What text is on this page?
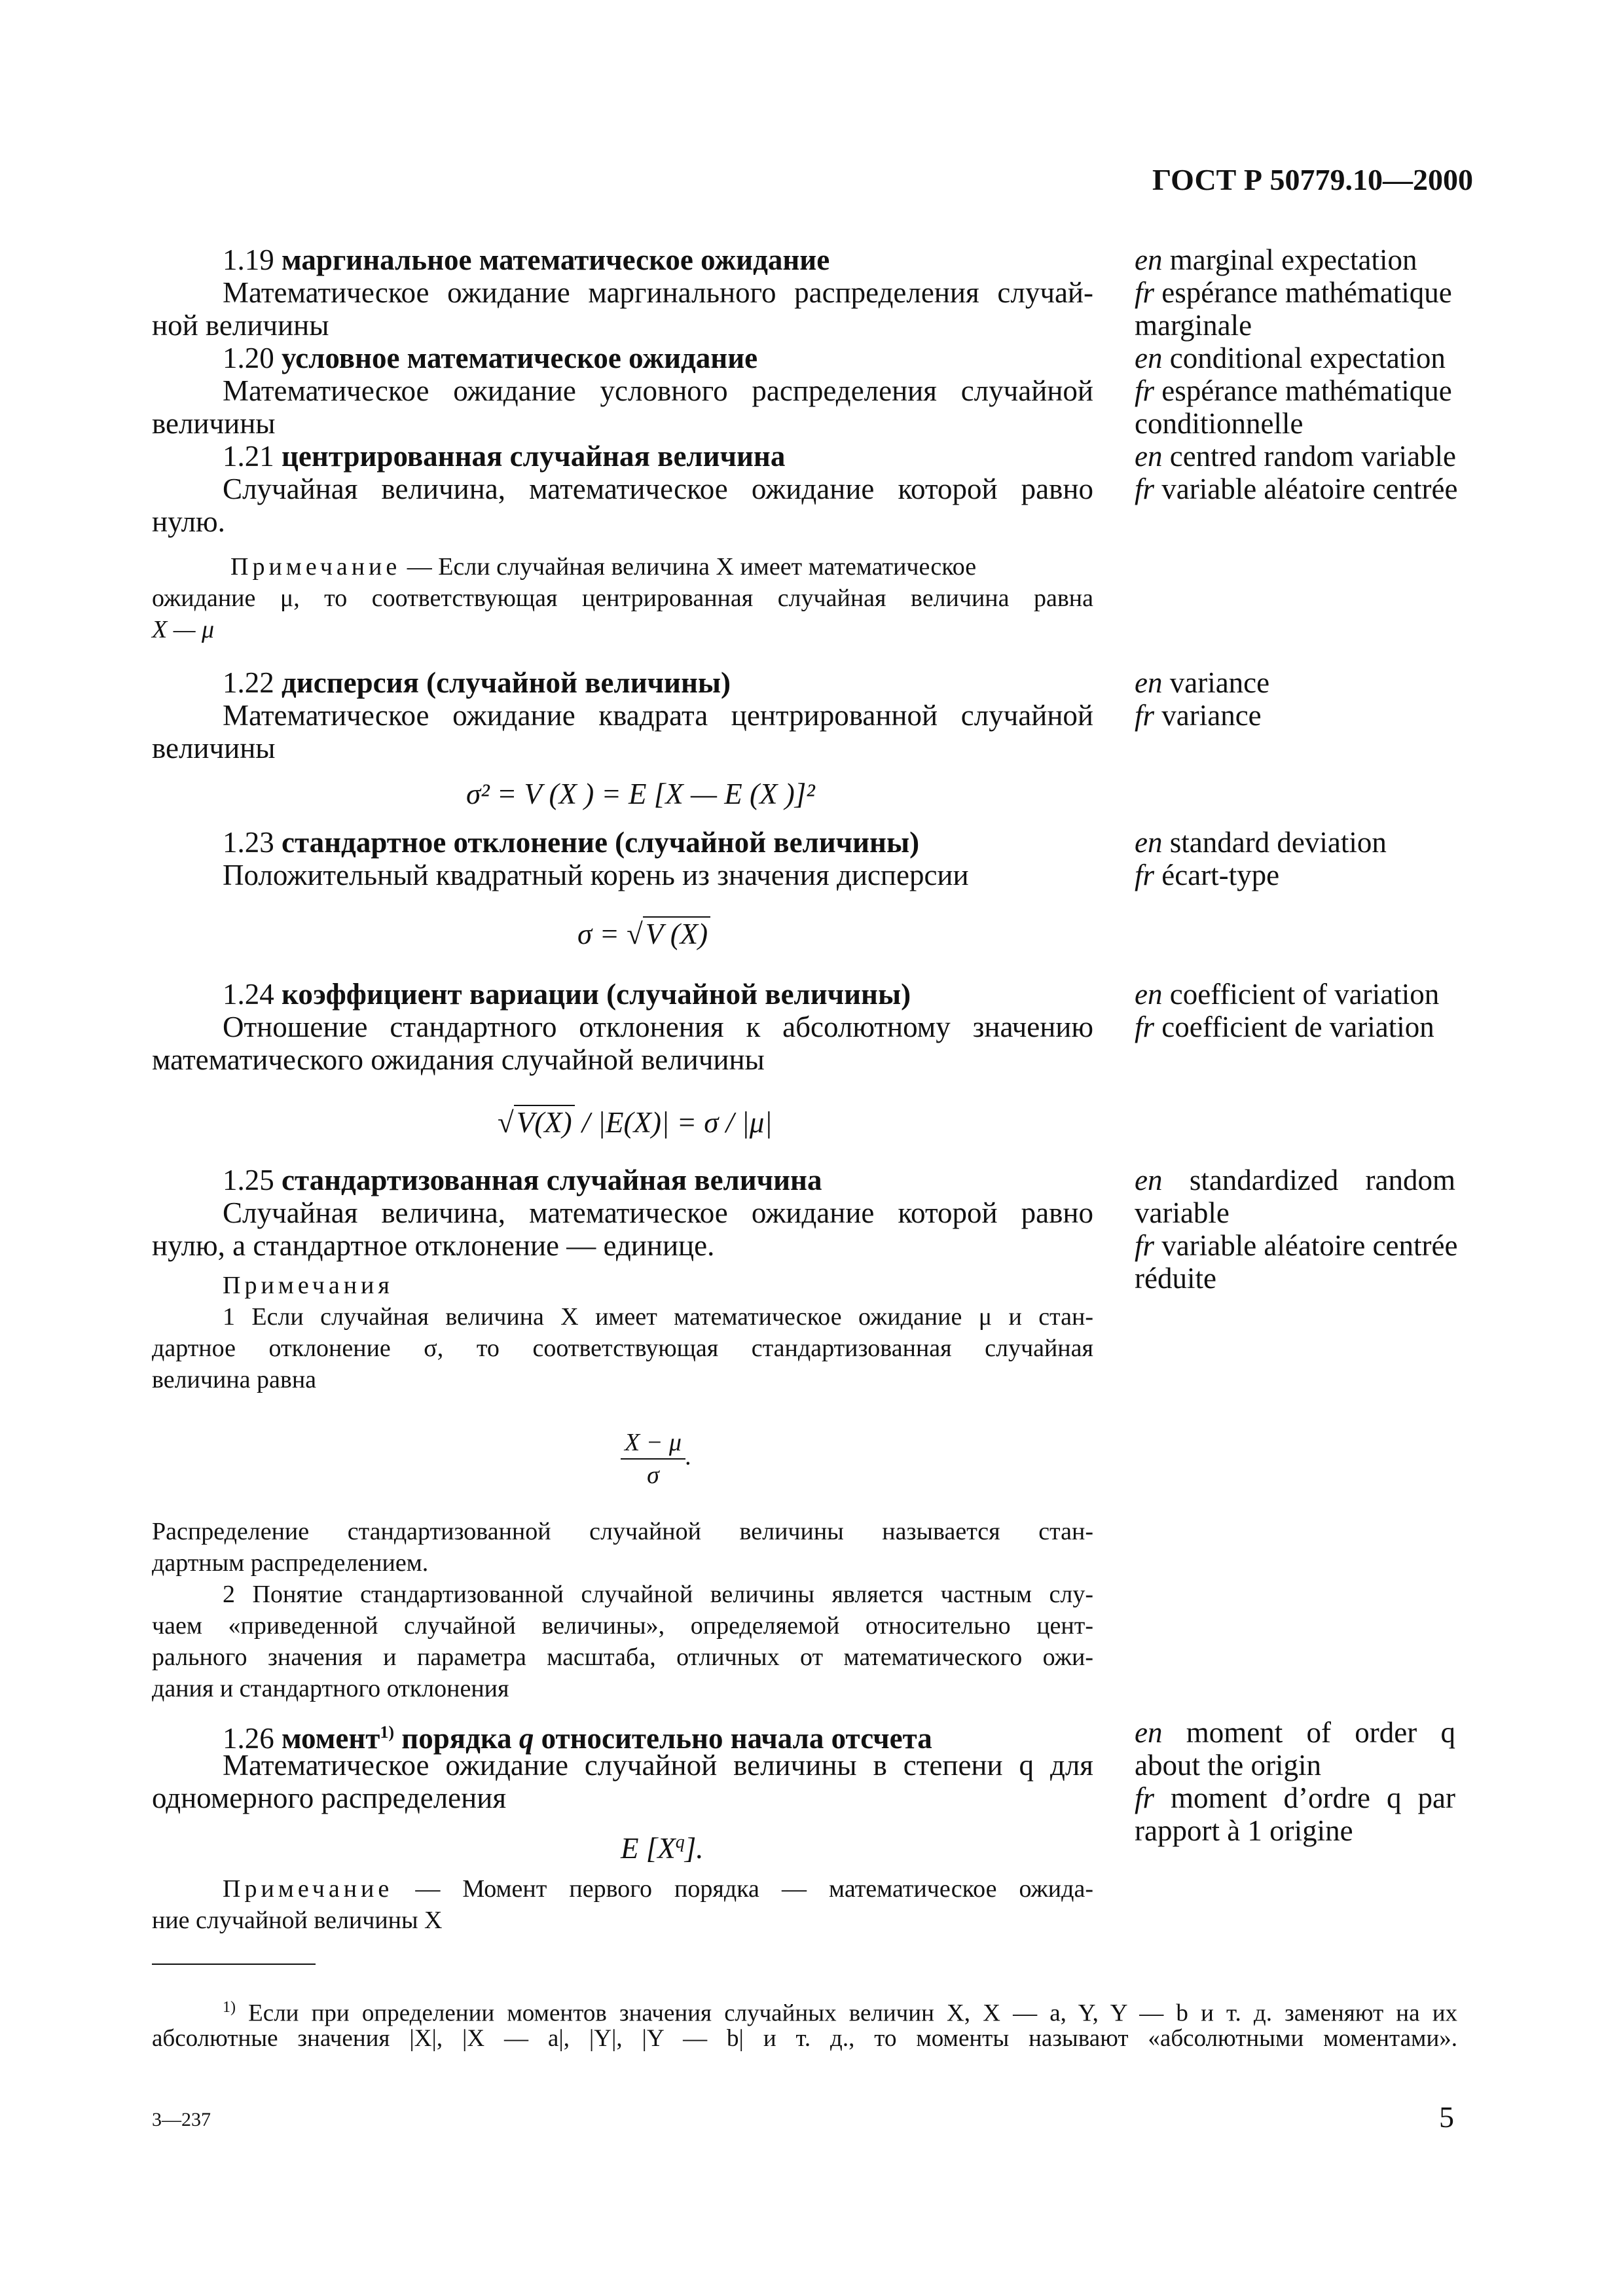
ГОСТ Р 50779.10—2000
1.19 маргинальное математическое ожидание
Математическое ожидание маргинального распределения случай-
ной величины
en marginal expectation
fr espérance mathématique
marginale
1.20 условное математическое ожидание
Математическое ожидание условного распределения случайной
величины
en conditional expectation
fr espérance mathématique
conditionnelle
1.21 центрированная случайная величина
Случайная величина, математическое ожидание которой равно
нулю.
en centred random variable
fr variable aléatoire centrée
Примечание — Если случайная величина X имеет математическое
ожидание μ, то соответствующая центрированная случайная величина равна
X — μ
1.22 дисперсия (случайной величины)
Математическое ожидание квадрата центрированной случайной
величины
σ² = V (X ) = E [X — E (X )]²
en variance
fr variance
1.23 стандартное отклонение (случайной величины)
Положительный квадратный корень из значения дисперсии
σ = √V (X)
en standard deviation
fr écart-type
1.24 коэффициент вариации (случайной величины)
Отношение стандартного отклонения к абсолютному значению
математического ожидания случайной величины
√V(X) / |E(X)| = σ / |μ|
en coefficient of variation
fr coefficient de variation
1.25 стандартизованная случайная величина
Случайная величина, математическое ожидание которой равно
нулю, а стандартное отклонение — единице.
en standardized random
variable
fr variable aléatoire centrée
réduite
Примечания
1 Если случайная величина X имеет математическое ожидание μ и стан-
дартное отклонение σ, то соответствующая стандартизованная случайная
величина равна
$\frac{X - \mu}{\sigma}$ .
Распределение стандартизованной случайной величины называется стан-
дартным распределением.
2 Понятие стандартизованной случайной величины является частным слу-
чаем «приведенной случайной величины», определяемой относительно цент-
рального значения и параметра масштаба, отличных от математического ожи-
дания и стандартного отклонения
1.26 момент$^{1)}$ порядка q относительно начала отсчета
Математическое ожидание случайной величины в степени q для
одномерного распределения
E $[X^q]$.
en moment of order q
about the origin
fr moment d’ordre q par
rapport à 1 origine
Примечание — Момент первого порядка — математическое ожида-
ние случайной величины X
$^{1)}$ Если при определении моментов значения случайных величин X, X — a, Y, Y — b и т. д. заменяют на их
абсолютные значения |X|, |X — a|, |Y|, |Y — b| и т. д., то моменты называют «абсолютными моментами».
3—237	5
